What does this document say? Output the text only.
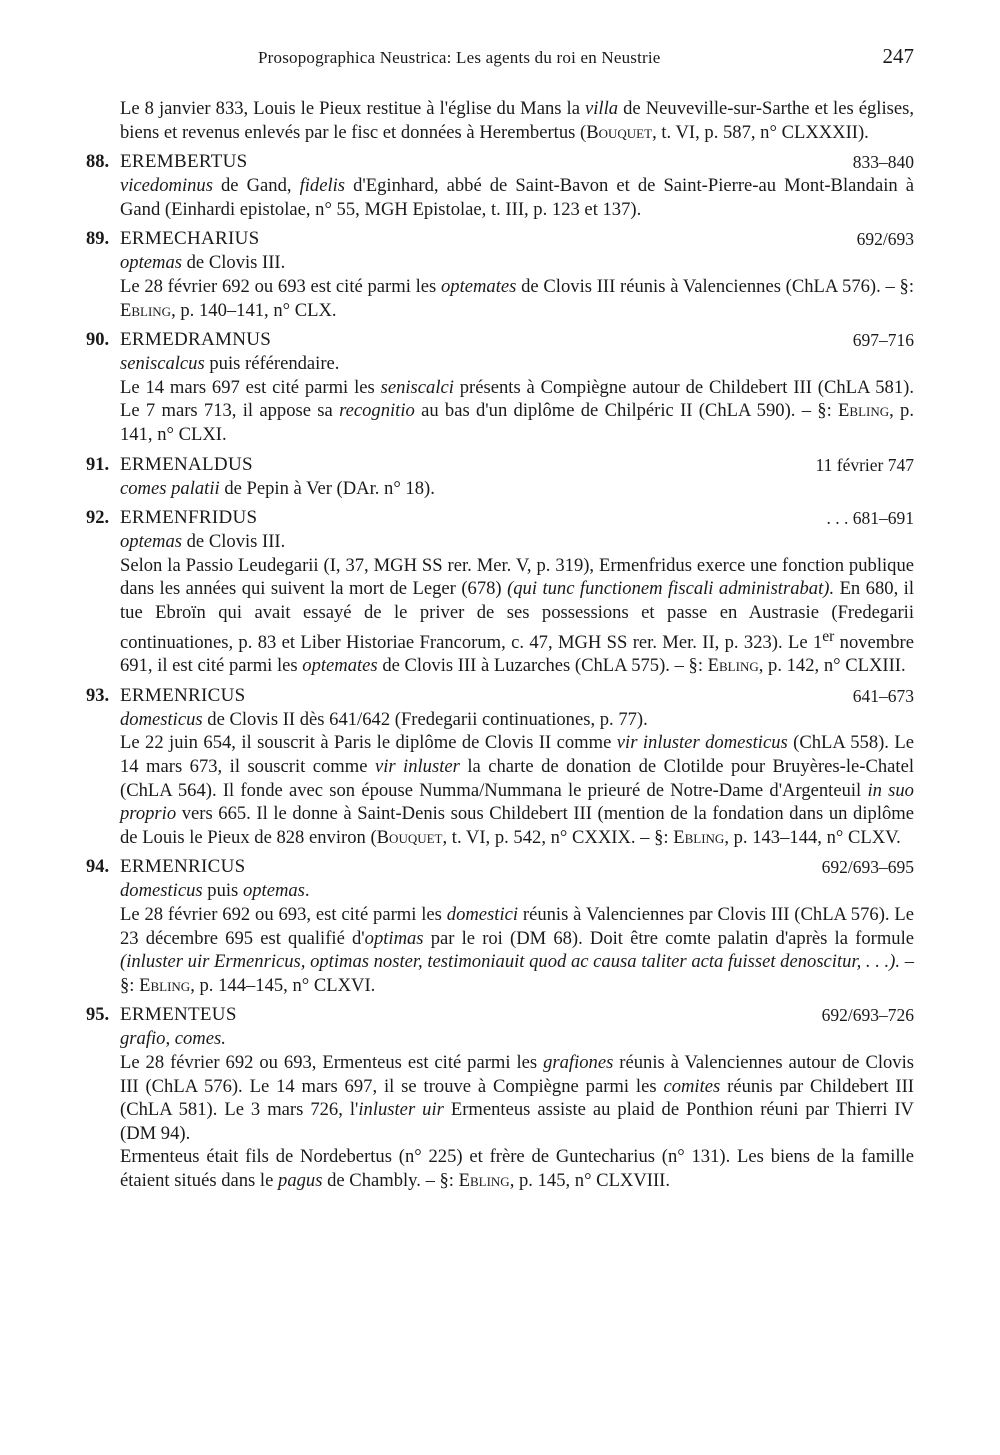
Prosopographica Neustrica: Les agents du roi en Neustrie	247

Le 8 janvier 833, Louis le Pieux restitue à l'église du Mans la villa de Neuveville-sur-Sarthe et les églises, biens et revenus enlevés par le fisc et données à Herembertus (Bouquet, t. VI, p. 587, n° CLXXXII).

88. EREMBERTUS	833–840

vicedominus de Gand, fidelis d'Eginhard, abbé de Saint-Bavon et de Saint-Pierre-au Mont-Blandain à Gand (Einhardi epistolae, n° 55, MGH Epistolae, t. III, p. 123 et 137).

89. ERMECHARIUS	692/693

optemas de Clovis III.

Le 28 février 692 ou 693 est cité parmi les optemates de Clovis III réunis à Valenciennes (ChLA 576). – §: Ebling, p. 140–141, n° CLX.

90. ERMEDRAMNUS	697–716

seniscalcus puis référendaire.

Le 14 mars 697 est cité parmi les seniscalci présents à Compiègne autour de Childebert III (ChLA 581). Le 7 mars 713, il appose sa recognitio au bas d'un diplôme de Chilpéric II (ChLA 590). – §: Ebling, p. 141, n° CLXI.

91. ERMENALDUS	11 février 747

comes palatii de Pepin à Ver (DAr. n° 18).

92. ERMENFRIDUS	. . . 681–691

optemas de Clovis III.

Selon la Passio Leudegarii (I, 37, MGH SS rer. Mer. V, p. 319), Ermenfridus exerce une fonction publique dans les années qui suivent la mort de Leger (678) (qui tunc functionem fiscali administrabat). En 680, il tue Ebroïn qui avait essayé de le priver de ses possessions et passe en Austrasie (Fredegarii continuationes, p. 83 et Liber Historiae Francorum, c. 47, MGH SS rer. Mer. II, p. 323). Le 1er novembre 691, il est cité parmi les optemates de Clovis III à Luzarches (ChLA 575). – §: Ebling, p. 142, n° CLXIII.

93. ERMENRICUS	641–673

domesticus de Clovis II dès 641/642 (Fredegarii continuationes, p. 77).

Le 22 juin 654, il souscrit à Paris le diplôme de Clovis II comme vir inluster domesticus (ChLA 558). Le 14 mars 673, il souscrit comme vir inluster la charte de donation de Clotilde pour Bruyères-le-Chatel (ChLA 564). Il fonde avec son épouse Numma/Nummana le prieuré de Notre-Dame d'Argenteuil in suo proprio vers 665. Il le donne à Saint-Denis sous Childebert III (mention de la fondation dans un diplôme de Louis le Pieux de 828 environ (Bouquet, t. VI, p. 542, n° CXXIX. – §: Ebling, p. 143–144, n° CLXV.

94. ERMENRICUS	692/693–695

domesticus puis optemas.

Le 28 février 692 ou 693, est cité parmi les domestici réunis à Valenciennes par Clovis III (ChLA 576). Le 23 décembre 695 est qualifié d'optimas par le roi (DM 68). Doit être comte palatin d'après la formule (inluster uir Ermenricus, optimas noster, testimoniauit quod ac causa taliter acta fuisset denoscitur, . . .). – §: Ebling, p. 144–145, n° CLXVI.

95. ERMENTEUS	692/693–726

grafio, comes.

Le 28 février 692 ou 693, Ermenteus est cité parmi les grafiones réunis à Valenciennes autour de Clovis III (ChLA 576). Le 14 mars 697, il se trouve à Compiègne parmi les comites réunis par Childebert III (ChLA 581). Le 3 mars 726, l'inluster uir Ermenteus assiste au plaid de Ponthion réuni par Thierri IV (DM 94).

Ermenteus était fils de Nordebertus (n° 225) et frère de Guntecharius (n° 131). Les biens de la famille étaient situés dans le pagus de Chambly. – §: Ebling, p. 145, n° CLXVIII.
